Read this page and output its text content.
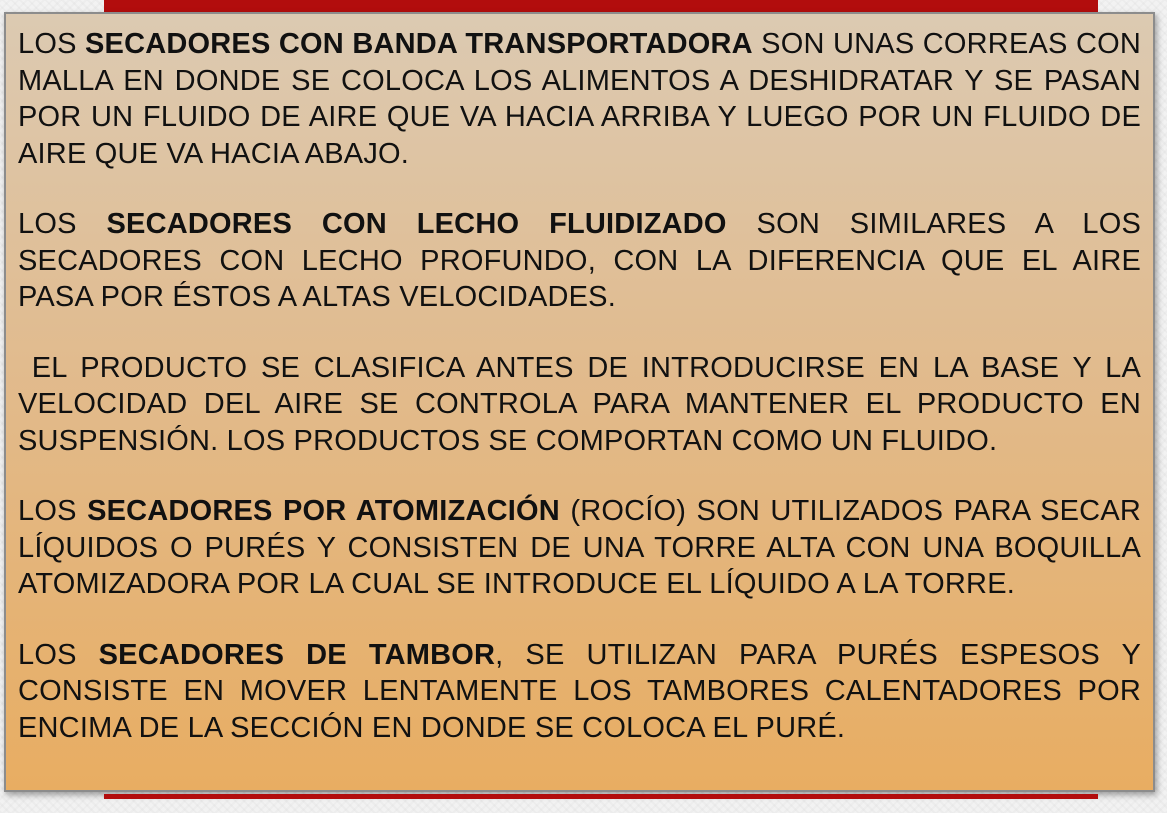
LOS SECADORES CON BANDA TRANSPORTADORA SON UNAS CORREAS CON MALLA EN DONDE SE COLOCA LOS ALIMENTOS A DESHIDRATAR Y SE PASAN POR UN FLUIDO DE AIRE QUE VA HACIA ARRIBA Y LUEGO POR UN FLUIDO DE AIRE QUE VA HACIA ABAJO.

LOS SECADORES CON LECHO FLUIDIZADO SON SIMILARES A LOS SECADORES CON LECHO PROFUNDO, CON LA DIFERENCIA QUE EL AIRE PASA POR ÉSTOS A ALTAS VELOCIDADES.

EL PRODUCTO SE CLASIFICA ANTES DE INTRODUCIRSE EN LA BASE Y LA VELOCIDAD DEL AIRE SE CONTROLA PARA MANTENER EL PRODUCTO EN SUSPENSIÓN. LOS PRODUCTOS SE COMPORTAN COMO UN FLUIDO.

LOS SECADORES POR ATOMIZACIÓN (ROCÍO) SON UTILIZADOS PARA SECAR LÍQUIDOS O PURÉS Y CONSISTEN DE UNA TORRE ALTA CON UNA BOQUILLA ATOMIZADORA POR LA CUAL SE INTRODUCE EL LÍQUIDO A LA TORRE.

LOS SECADORES DE TAMBOR, SE UTILIZAN PARA PURÉS ESPESOS Y CONSISTE EN MOVER LENTAMENTE LOS TAMBORES CALENTADORES POR ENCIMA DE LA SECCIÓN EN DONDE SE COLOCA EL PURÉ.
